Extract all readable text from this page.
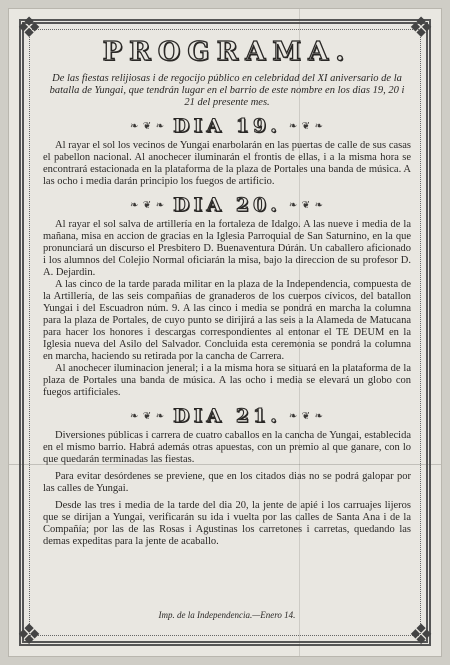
❖	❖
❖	❖
PROGRAMA.

De las fiestas relijiosas i de regocijo público en celebridad del XI aniversario de la batalla de Yungai, que tendrán lugar en el barrio de este nombre en los dias 19, 20 i 21 del presente mes.

❧ ❦ ❧ DIA 19. ❧ ❦ ❧

Al rayar el sol los vecinos de Yungai enarbolarán en las puertas de calle de sus casas el pabellon nacional. Al anochecer iluminarán el frontis de ellas, i a la misma hora se encontrará estacionada en la plataforma de la plaza de Portales una banda de música. A las ocho i media darán principio los fuegos de artificio.

❧ ❦ ❧ DIA 20. ❧ ❦ ❧

Al rayar el sol salva de artillería en la fortaleza de Idalgo. A las nueve i media de la mañana, misa en accion de gracias en la Iglesia Parroquial de San Saturnino, en la que pronunciará un discurso el Presbitero D. Buenaventura Dúrán. Un caballero aficionado i los alumnos del Colejio Normal oficiarán la misa, bajo la direccion de su profesor D. A. Dejardin.

A las cinco de la tarde parada militar en la plaza de la Independencia, compuesta de la Artillería, de las seis compañias de granaderos de los cuerpos cívicos, del batallon Yungai i del Escuadron núm. 9. A las cinco i media se pondrá en marcha la columna para la plaza de Portales, de cuyo punto se dirijirá a las seis a la Alameda de Matucana para hacer los honores i descargas correspondientes al entonar el TE DEUM en la Iglesia nueva del Asilo del Salvador. Concluida esta ceremonia se pondrá la columna en marcha, haciendo su retirada por la cancha de Carrera.

Al anochecer iluminacion jeneral; i a la misma hora se situará en la plataforma de la plaza de Portales una banda de música. A las ocho i media se elevará un globo con fuegos artificiales.

❧ ❦ ❧ DIA 21. ❧ ❦ ❧

Diversiones públicas i carrera de cuatro caballos en la cancha de Yungai, establecida en el mismo barrio. Habrá además otras apuestas, con un premio al que ganare, con lo que quedarán terminadas las fiestas.

Para evitar desórdenes se previene, que en los citados dias no se podrá galopar por las calles de Yungai.

Desde las tres i media de la tarde del dia 20, la jente de apié i los carruajes lijeros que se dirijan a Yungai, verificarán su ida i vuelta por las calles de Santa Ana i de la Compañía; por las de las Rosas i Agustinas los carretones i carretas, quedando las demas expeditas para la jente de acaballo.

Imp. de la Independencia.—Enero 14.
